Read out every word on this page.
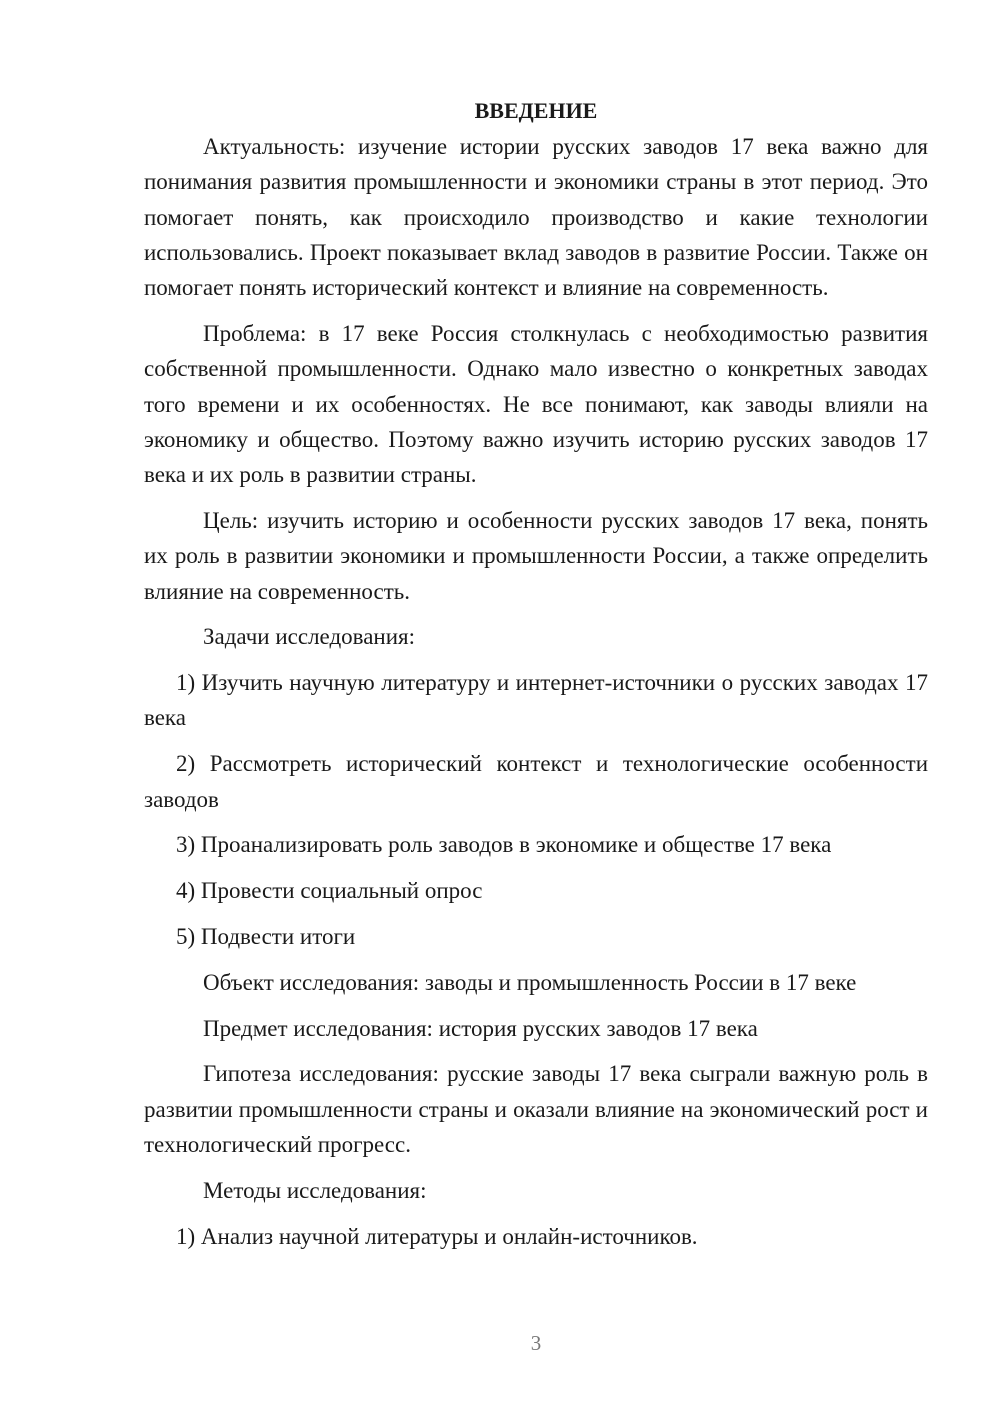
ВВЕДЕНИЕ

Актуальность: изучение истории русских заводов 17 века важно для понимания развития промышленности и экономики страны в этот период. Это помогает понять, как происходило производство и какие технологии использовались. Проект показывает вклад заводов в развитие России. Также он помогает понять исторический контекст и влияние на современность.

Проблема: в 17 веке Россия столкнулась с необходимостью развития собственной промышленности. Однако мало известно о конкретных заводах того времени и их особенностях. Не все понимают, как заводы влияли на экономику и общество. Поэтому важно изучить историю русских заводов 17 века и их роль в развитии страны.

Цель: изучить историю и особенности русских заводов 17 века, понять их роль в развитии экономики и промышленности России, а также определить влияние на современность.

Задачи исследования:

1) Изучить научную литературу и интернет-источники о русских заводах 17 века

2) Рассмотреть исторический контекст и технологические особенности заводов

3) Проанализировать роль заводов в экономике и обществе 17 века

4) Провести социальный опрос

5) Подвести итоги

Объект исследования: заводы и промышленность России в 17 веке

Предмет исследования: история русских заводов 17 века

Гипотеза исследования: русские заводы 17 века сыграли важную роль в развитии промышленности страны и оказали влияние на экономический рост и технологический прогресс.

Методы исследования:

1) Анализ научной литературы и онлайн-источников.

3
